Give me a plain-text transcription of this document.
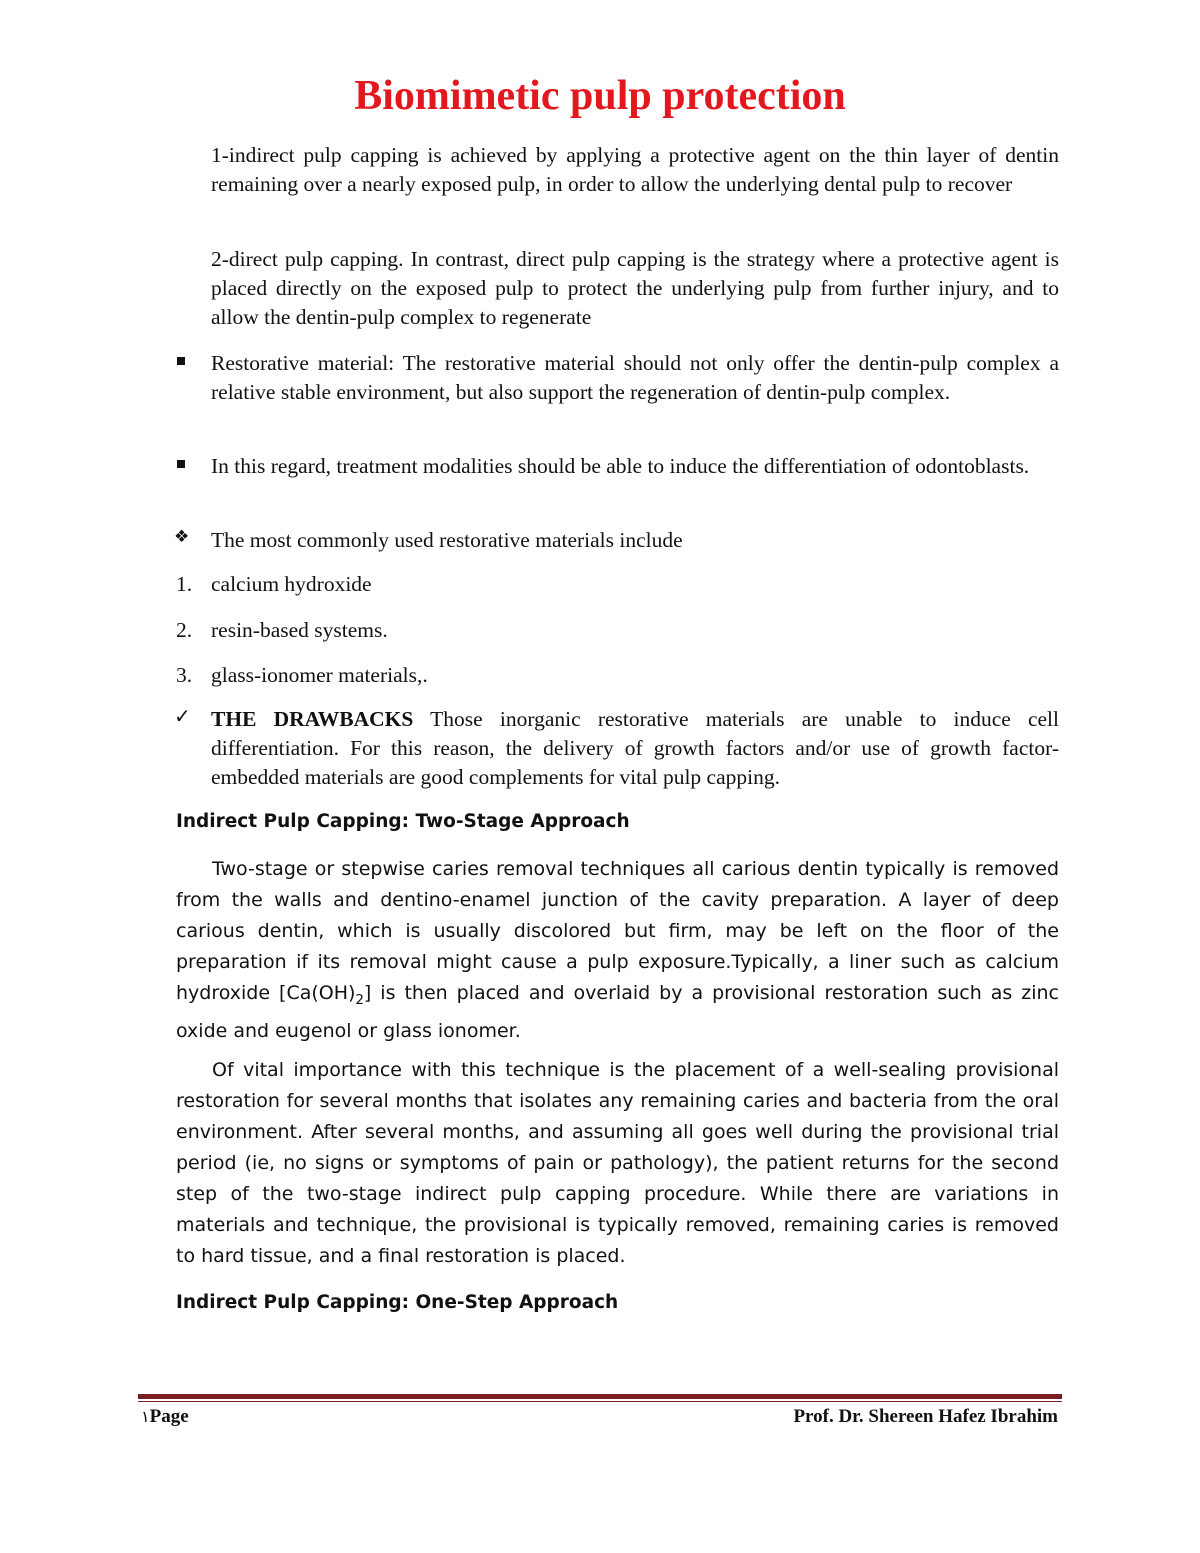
Biomimetic pulp protection

1-indirect pulp capping is achieved by applying a protective agent on the thin layer of dentin remaining over a nearly exposed pulp, in order to allow the underlying dental pulp to recover

2-direct pulp capping. In contrast, direct pulp capping is the strategy where a protective agent is placed directly on the exposed pulp to protect the underlying pulp from further injury, and to allow the dentin-pulp complex to regenerate

Restorative material: The restorative material should not only offer the dentin-pulp complex a relative stable environment, but also support the regeneration of dentin-pulp complex.

In this regard, treatment modalities should be able to induce the differentiation of odontoblasts.

❖ The most commonly used restorative materials include

1. calcium hydroxide

2. resin-based systems.

3. glass-ionomer materials,.

✓ THE DRAWBACKS Those inorganic restorative materials are unable to induce cell differentiation. For this reason, the delivery of growth factors and/or use of growth factor-embedded materials are good complements for vital pulp capping.

Indirect Pulp Capping: Two-Stage Approach

Two-stage or stepwise caries removal techniques all carious dentin typically is removed from the walls and dentino-enamel junction of the cavity preparation. A layer of deep carious dentin, which is usually discolored but firm, may be left on the floor of the preparation if its removal might cause a pulp exposure.Typically, a liner such as calcium hydroxide $[Ca(OH)_2]$ is then placed and overlaid by a provisional restoration such as zinc oxide and eugenol or glass ionomer.

Of vital importance with this technique is the placement of a well-sealing provisional restoration for several months that isolates any remaining caries and bacteria from the oral environment. After several months, and assuming all goes well during the provisional trial period (ie, no signs or symptoms of pain or pathology), the patient returns for the second step of the two-stage indirect pulp capping procedure. While there are variations in materials and technique, the provisional is typically removed, remaining caries is removed to hard tissue, and a final restoration is placed.

Indirect Pulp Capping: One-Step Approach

١Page	Prof. Dr. Shereen Hafez Ibrahim
